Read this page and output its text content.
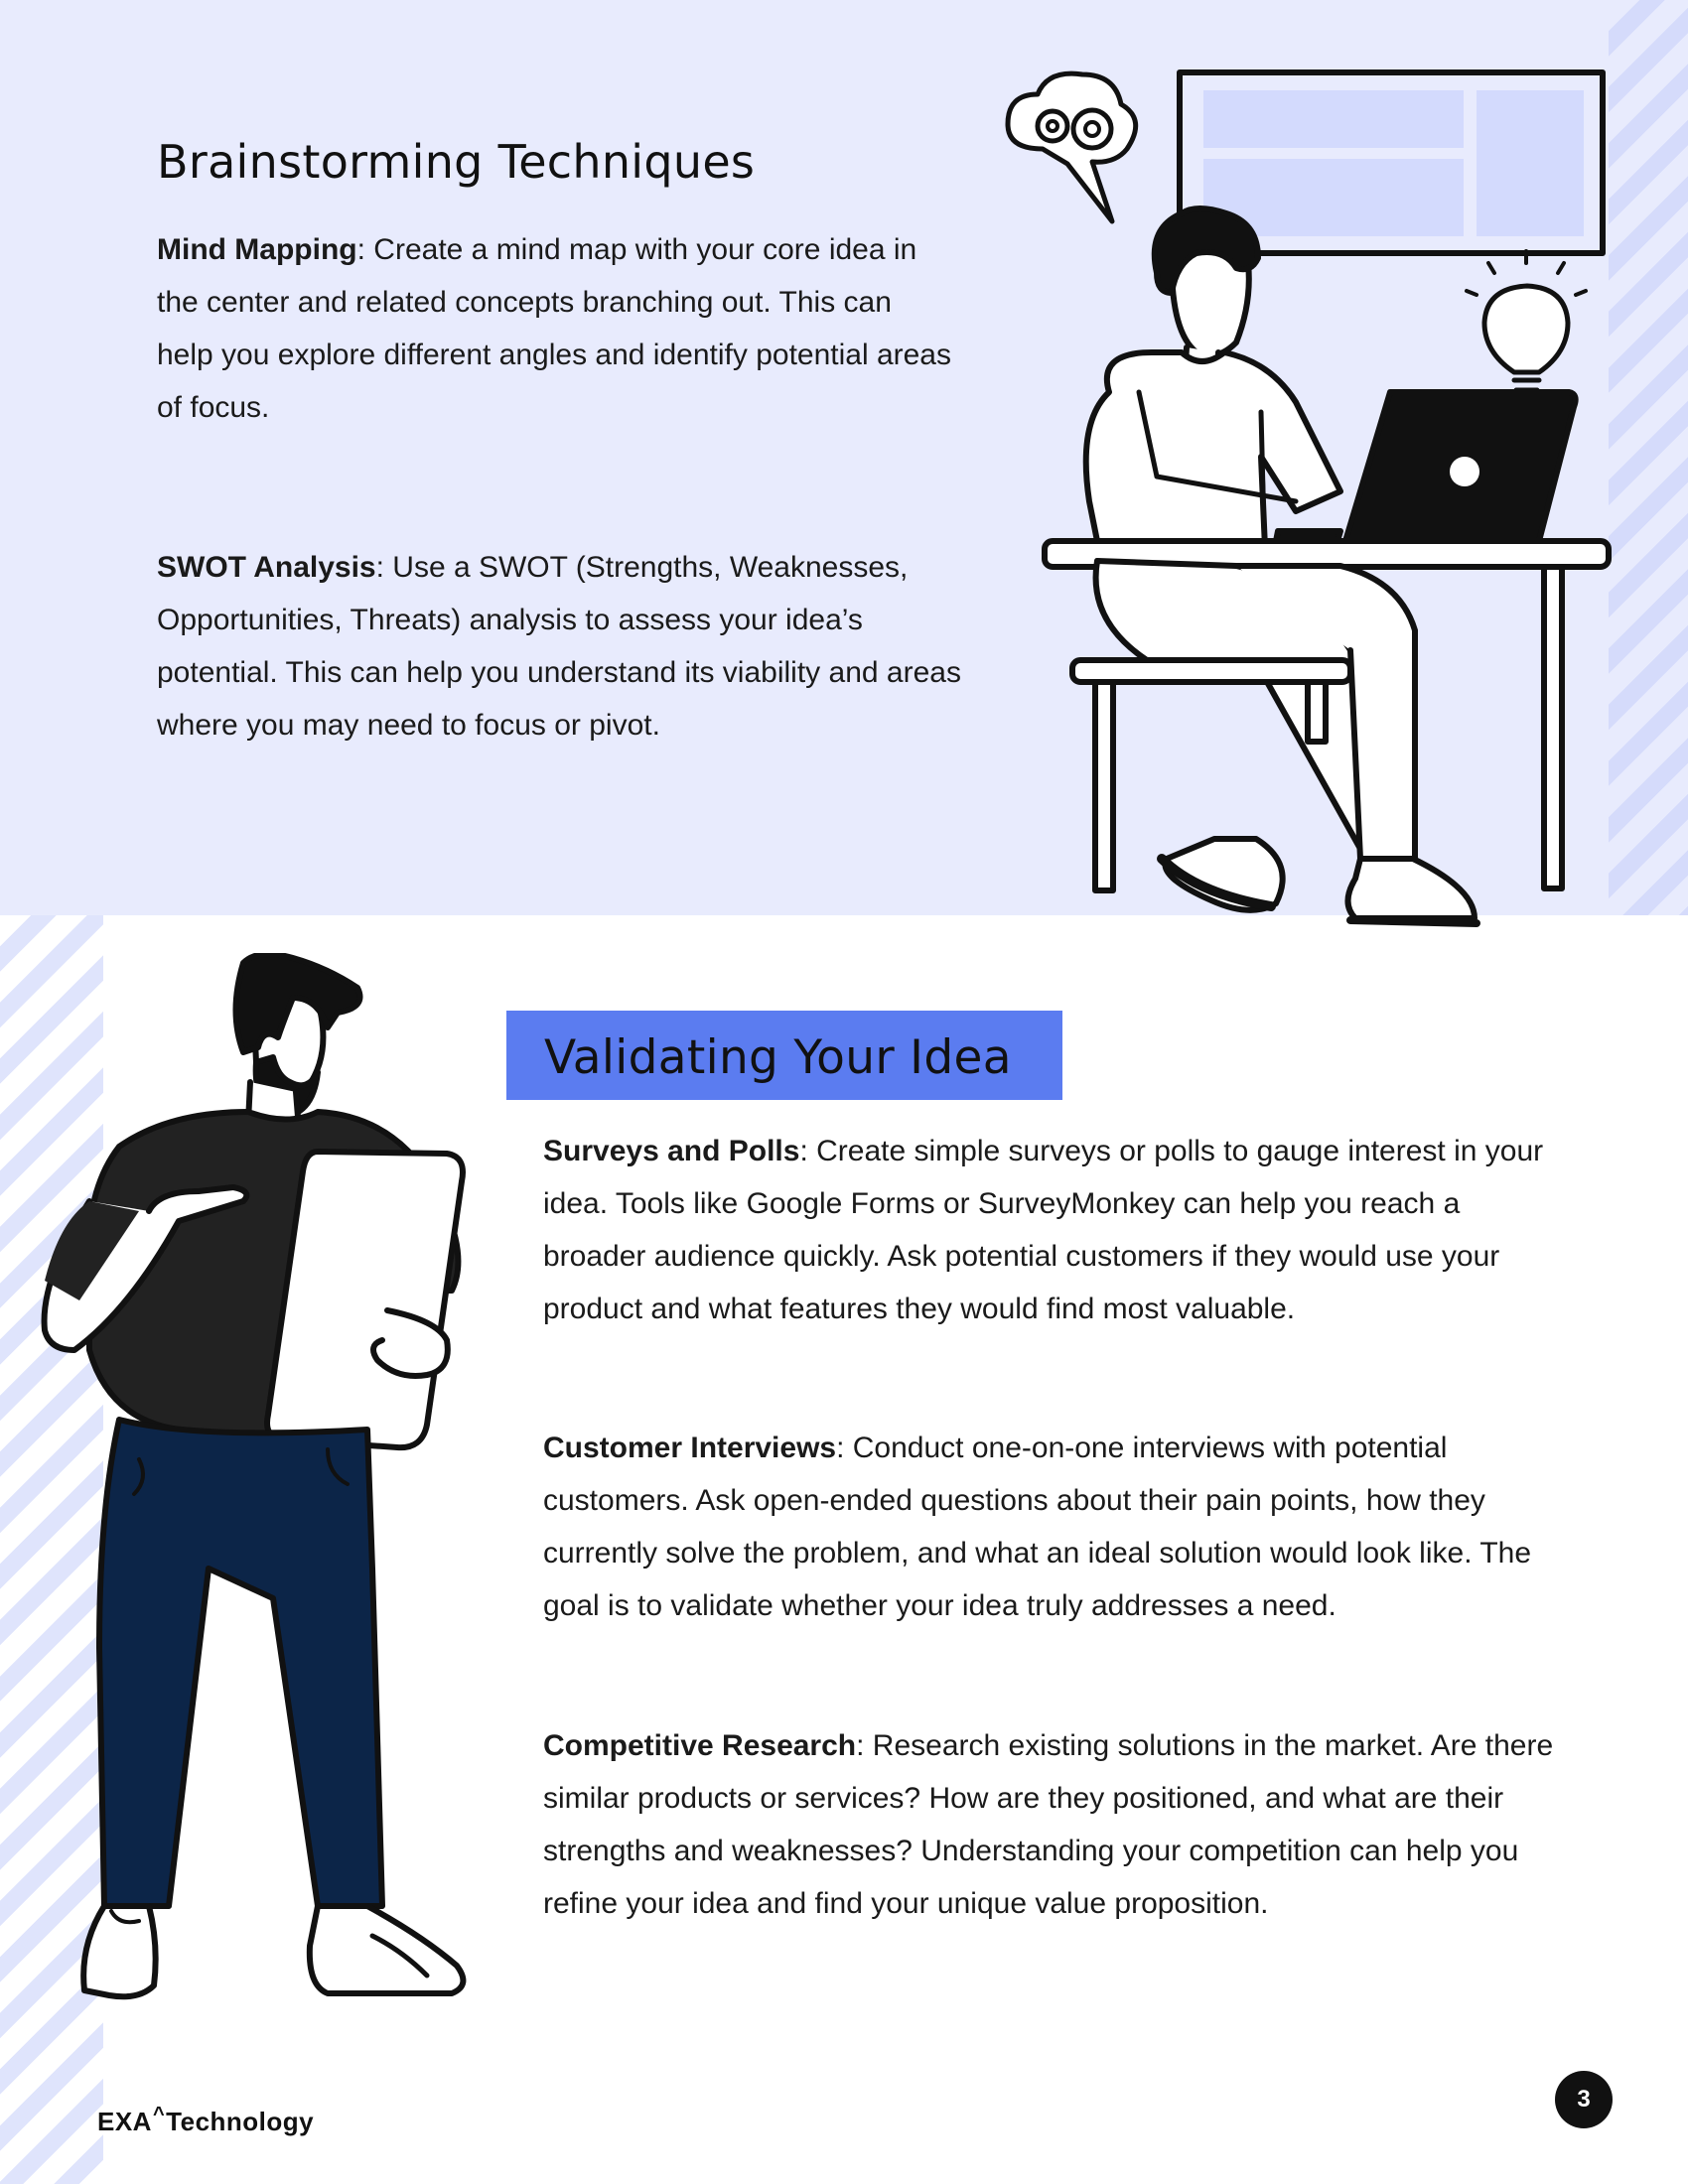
Brainstorming Techniques

Mind Mapping: Create a mind map with your core idea in the center and related concepts branching out. This can help you explore different angles and identify potential areas of focus.

SWOT Analysis: Use a SWOT (Strengths, Weaknesses, Opportunities, Threats) analysis to assess your idea’s potential. This can help you understand its viability and areas where you may need to focus or pivot.

Validating Your Idea

Surveys and Polls: Create simple surveys or polls to gauge interest in your idea. Tools like Google Forms or SurveyMonkey can help you reach a broader audience quickly. Ask potential customers if they would use your product and what features they would find most valuable.

Customer Interviews: Conduct one-on-one interviews with potential customers. Ask open-ended questions about their pain points, how they currently solve the problem, and what an ideal solution would look like. The goal is to validate whether your idea truly addresses a need.

Competitive Research: Research existing solutions in the market. Are there similar products or services? How are they positioned, and what are their strengths and weaknesses? Understanding your competition can help you refine your idea and find your unique value proposition.

EXA^Technology
3
